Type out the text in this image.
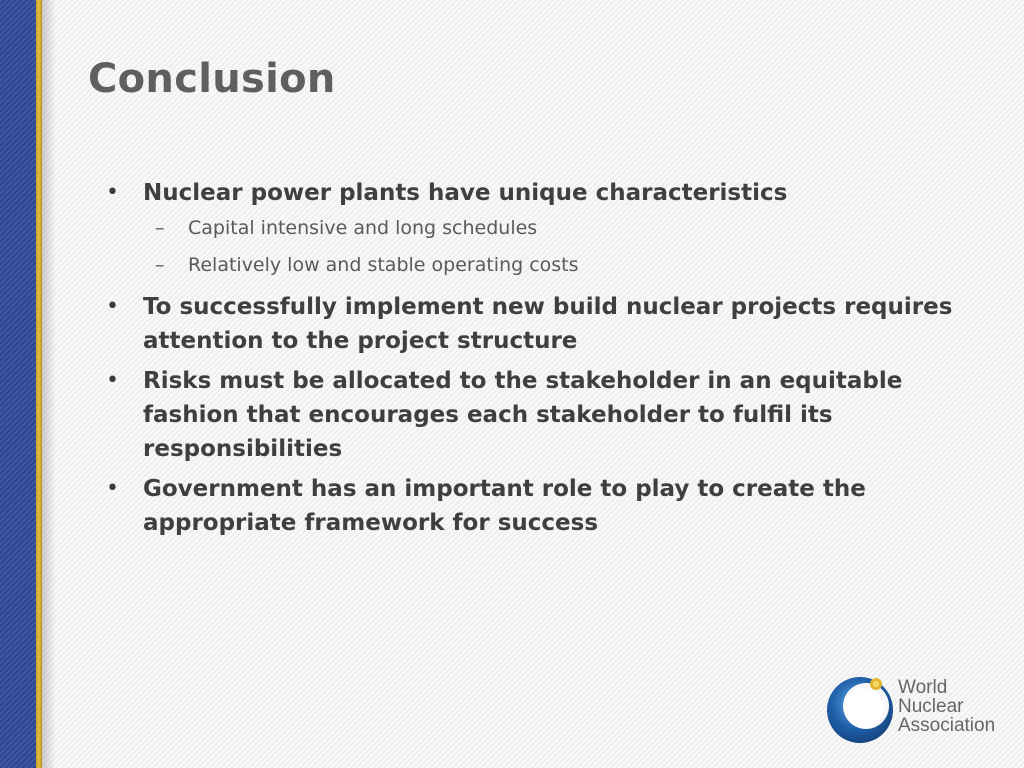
Conclusion
• Nuclear power plants have unique characteristics
– Capital intensive and long schedules
– Relatively low and stable operating costs
• To successfully implement new build nuclear projects requires attention to the project structure
• Risks must be allocated to the stakeholder in an equitable fashion that encourages each stakeholder to fulfil its responsibilities
• Government has an important role to play to create the appropriate framework for success
World
Nuclear
Association
